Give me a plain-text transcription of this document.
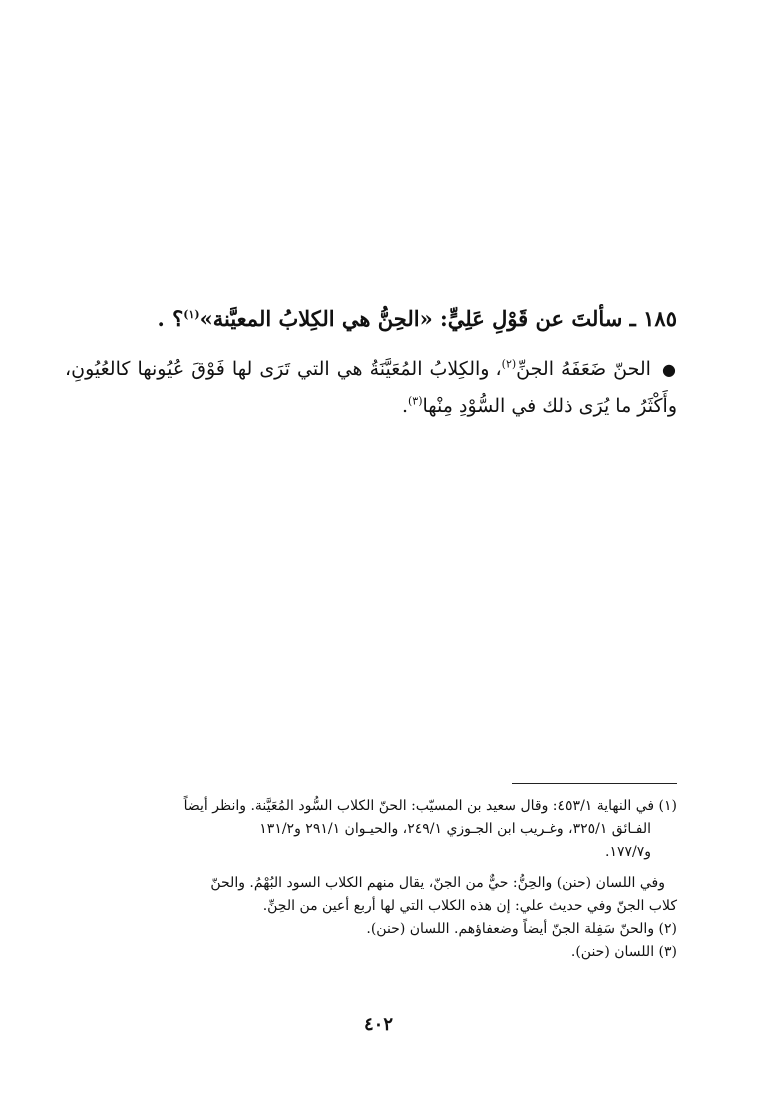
١٨٥ ـ سألتَ عن قَوْلِ عَلِيٍّ: «الحِنُّ هي الكِلابُ المعيَّنة»$^{(١)}$؟ .
● الحنّ ضَعَفَهُ الجنِّ$^{(٢)}$، والكِلابُ المُعَيَّنَةُ هي التي تَرَى لها فَوْقَ عُيُونها كالعُيُونِ، وأَكْثَرُ ما يُرَى ذلك في السُّوْدِ مِنْها$^{(٣)}$.

(١) في النهاية ٤٥٣/١: وقال سعيد بن المسيّب: الحنّ الكلاب السُّود المُعَيَّنة. وانظر أيضاً

الفـائق ٣٢٥/١، وغـريب ابن الجـوزي ٢٤٩/١، والحيـوان ٢٩١/١ و١٣١/٢

و١٧٧/٧.

وفي اللسان (حنن) والحِنُّ: حيٌّ من الجنّ، يقال منهم الكلاب السود البُهْمُ. والحنّ

كلاب الجنّ وفي حديث علي: إن هذه الكلاب التي لها أربع أعين من الحِنِّ.

(٢) والحنّ سَفِلة الجنّ أيضاً وضعفاؤهم. اللسان (حنن).

(٣) اللسان (حنن).

٤٠٢
